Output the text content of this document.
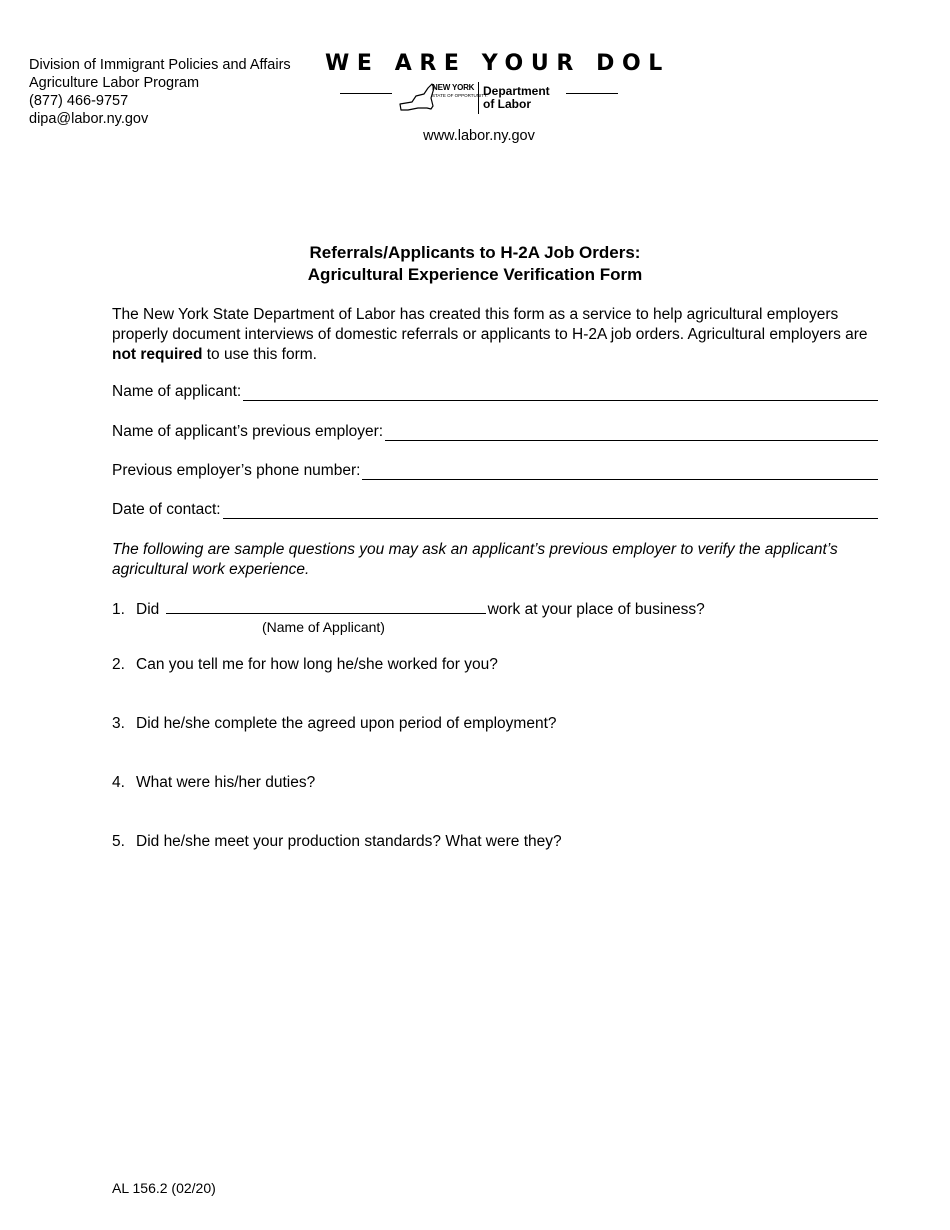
Division of Immigrant Policies and Affairs
Agriculture Labor Program
(877) 466-9757
dipa@labor.ny.gov
WE ARE YOUR DOL
NEW YORK
STATE OF OPPORTUNITY.
Department
of Labor
www.labor.ny.gov
Referrals/Applicants to H-2A Job Orders:
Agricultural Experience Verification Form
The New York State Department of Labor has created this form as a service to help agricultural employers properly document interviews of domestic referrals or applicants to H-2A job orders. Agricultural employers are not required to use this form.
Name of applicant:
Name of applicant’s previous employer:
Previous employer’s phone number:
Date of contact:
The following are sample questions you may ask an applicant’s previous employer to verify the applicant’s agricultural work experience.
1. Did	work at your place of business?
(Name of Applicant)
2. Can you tell me for how long he/she worked for you?
3. Did he/she complete the agreed upon period of employment?
4. What were his/her duties?
5. Did he/she meet your production standards? What were they?
AL 156.2 (02/20)
